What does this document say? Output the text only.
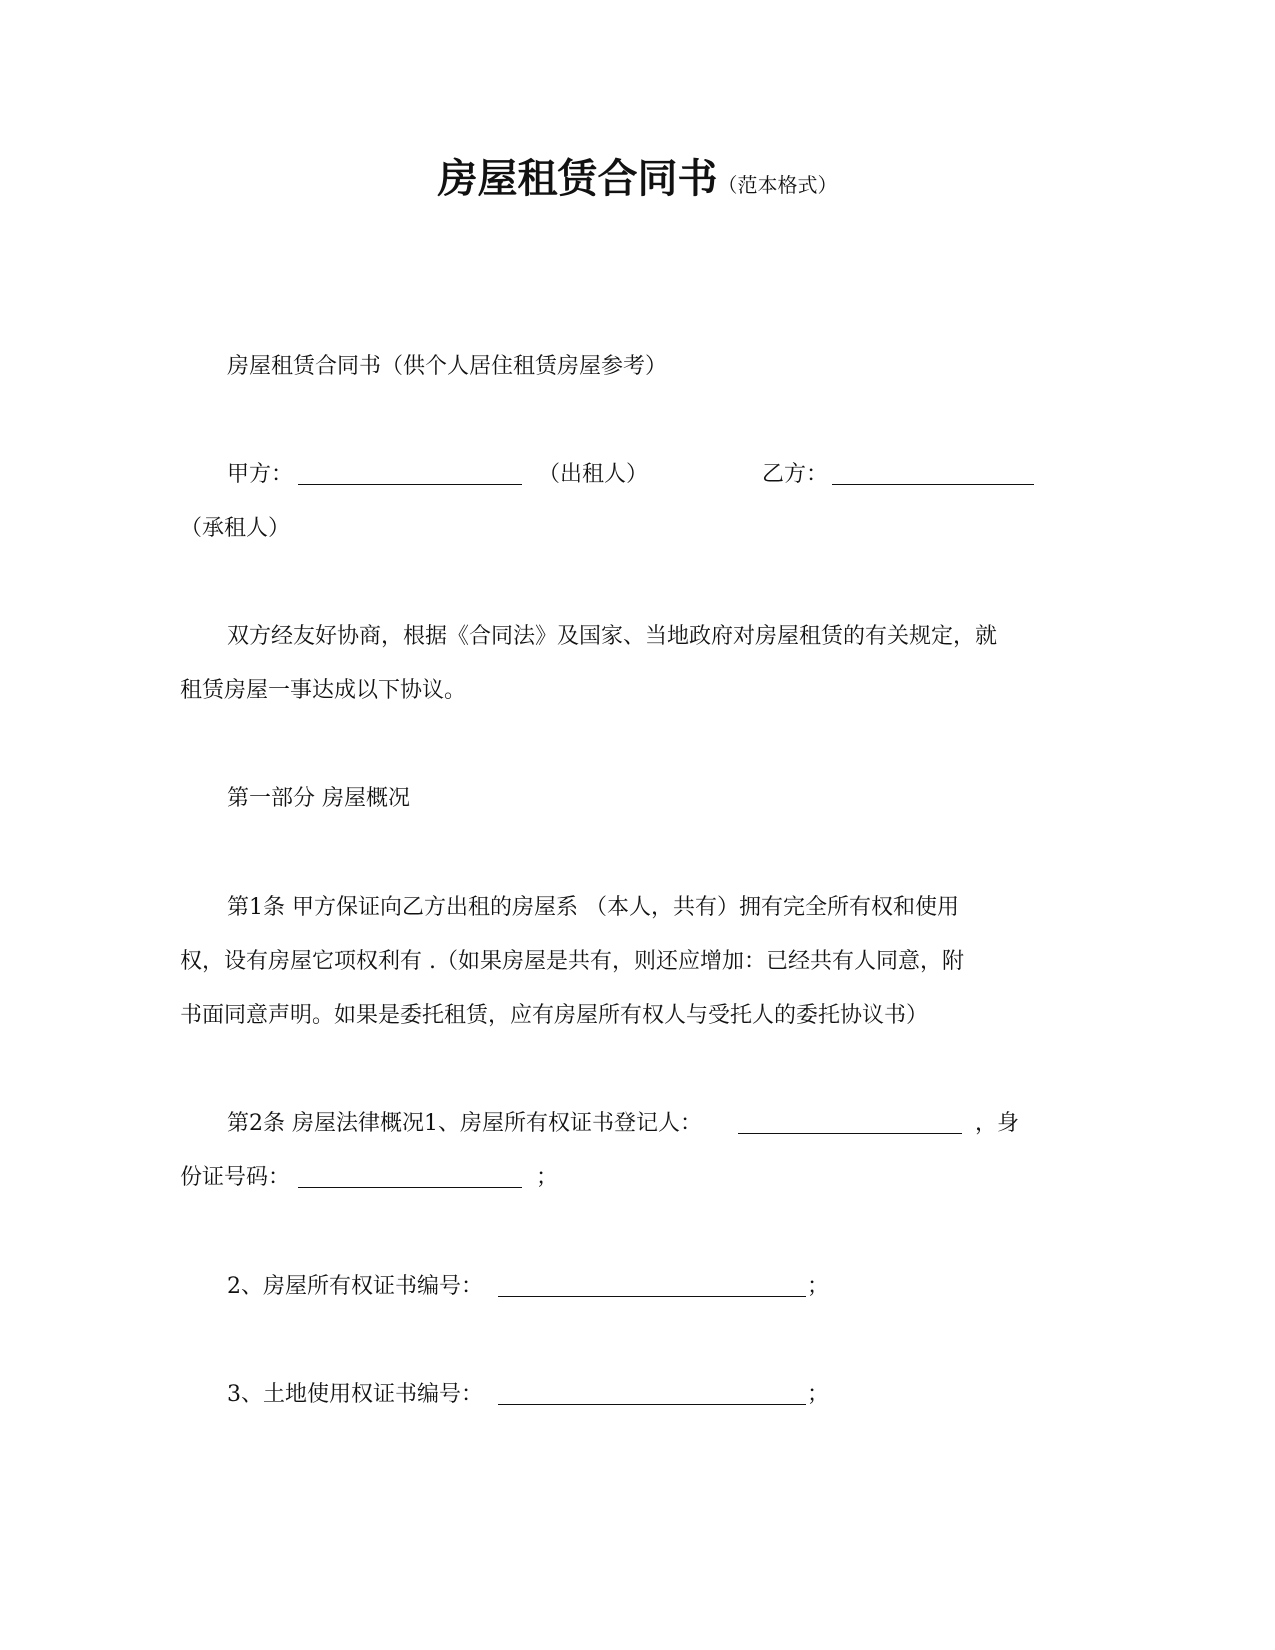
房屋租赁合同书（范本格式）
房屋租赁合同书（供个人居住租赁房屋参考）
甲方：	（出租人）	乙方：
（承租人）
双方经友好协商，根据《合同法》及国家、当地政府对房屋租赁的有关规定，就
租赁房屋一事达成以下协议。
第一部分 房屋概况
第1条 甲方保证向乙方出租的房屋系 （本人，共有）拥有完全所有权和使用
权，设有房屋它项权利有 .（如果房屋是共有，则还应增加：已经共有人同意，附
书面同意声明。如果是委托租赁，应有房屋所有权人与受托人的委托协议书）
第2条 房屋法律概况1、房屋所有权证书登记人：	，身
份证号码：	；
2、房屋所有权证书编号：	；
3、土地使用权证书编号：	；
